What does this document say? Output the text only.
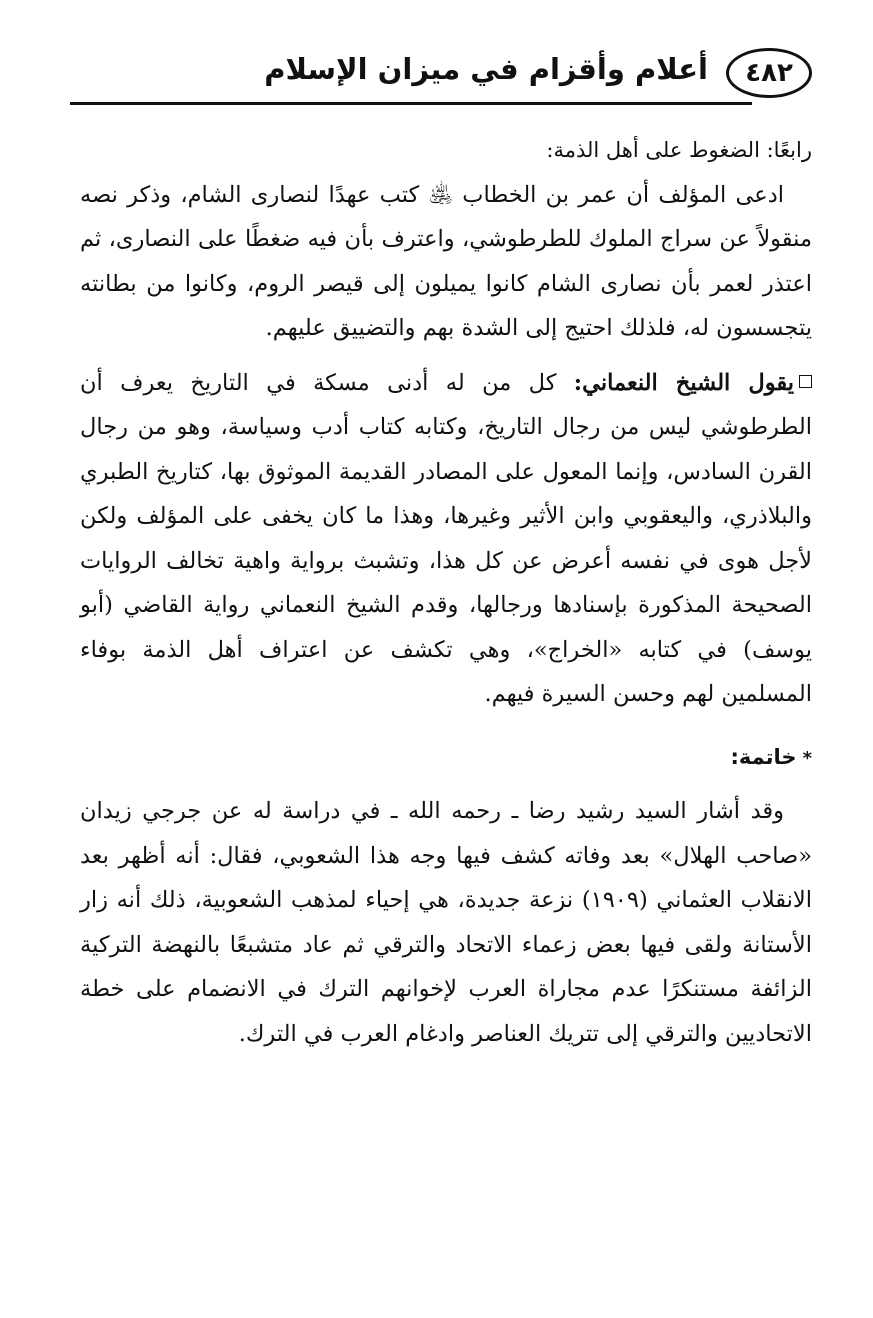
٤٨٢
أعلام وأقزام في ميزان الإسلام

رابعًا: الضغوط على أهل الذمة:

ادعى المؤلف أن عمر بن الخطاب ﵁ كتب عهدًا لنصارى الشام، وذكر نصه منقولاً عن سراج الملوك للطرطوشي، واعترف بأن فيه ضغطًا على النصارى، ثم اعتذر لعمر بأن نصارى الشام كانوا يميلون إلى قيصر الروم، وكانوا من بطانته يتجسسون له، فلذلك احتيج إلى الشدة بهم والتضييق عليهم.

يقول الشيخ النعماني: كل من له أدنى مسكة في التاريخ يعرف أن الطرطوشي ليس من رجال التاريخ، وكتابه كتاب أدب وسياسة، وهو من رجال القرن السادس، وإنما المعول على المصادر القديمة الموثوق بها، كتاريخ الطبري والبلاذري، واليعقوبي وابن الأثير وغيرها، وهذا ما كان يخفى على المؤلف ولكن لأجل هوى في نفسه أعرض عن كل هذا، وتشبث برواية واهية تخالف الروايات الصحيحة المذكورة بإسنادها ورجالها، وقدم الشيخ النعماني رواية القاضي (أبو يوسف) في كتابه «الخراج»، وهي تكشف عن اعتراف أهل الذمة بوفاء المسلمين لهم وحسن السيرة فيهم.

*خاتمة:

وقد أشار السيد رشيد رضا ـ رحمه الله ـ في دراسة له عن جرجي زيدان «صاحب الهلال» بعد وفاته كشف فيها وجه هذا الشعوبي، فقال: أنه أظهر بعد الانقلاب العثماني (١٩٠٩) نزعة جديدة، هي إحياء لمذهب الشعوبية، ذلك أنه زار الأستانة ولقى فيها بعض زعماء الاتحاد والترقي ثم عاد متشبعًا بالنهضة التركية الزائفة مستنكرًا عدم مجاراة العرب لإخوانهم الترك في الانضمام على خطة الاتحاديين والترقي إلى تتريك العناصر وادغام العرب في الترك.
